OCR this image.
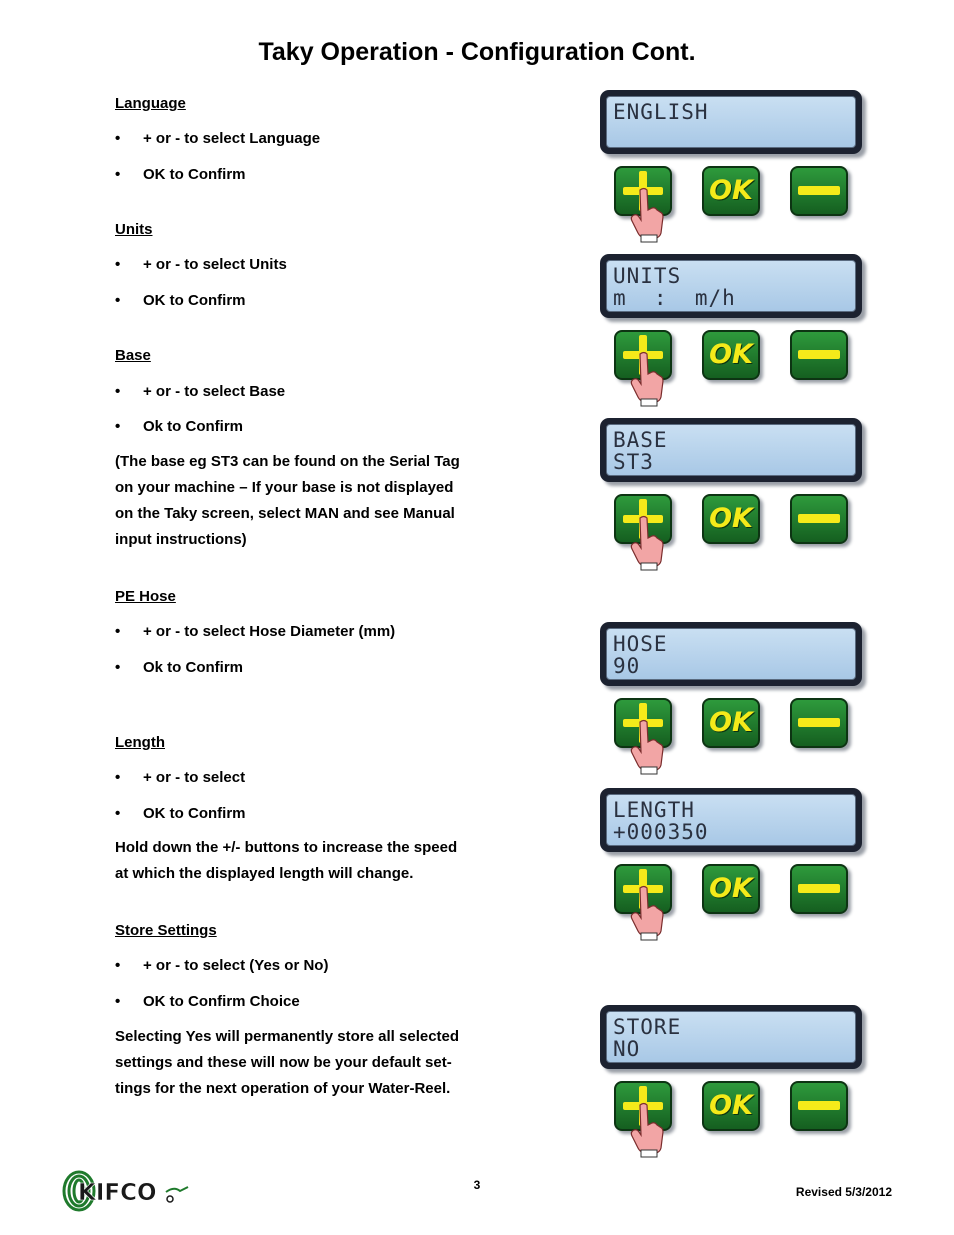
Taky Operation - Configuration Cont.

Language

• + or - to select Language
• OK to Confirm

Units

• + or - to select Units
• OK to Confirm

Base

• + or - to select Base
• Ok to Confirm
(The base eg ST3 can be found on the Serial Tag
on your machine – If your base is not displayed
on the Taky screen, select MAN and see Manual
input instructions)

PE Hose

• + or - to select Hose Diameter (mm)
• Ok to Confirm

Length

• + or - to select
• OK to Confirm
Hold down the +/- buttons to increase the speed
at which the displayed length will change.

Store Settings

• + or - to select (Yes or No)
• OK to Confirm Choice
Selecting Yes will permanently store all selected
settings and these will now be your default set-
tings for the next operation of your Water-Reel.
ENGLISH
OK
UNITS
m  :  m/h
OK
BASE
ST3
OK
HOSE
90
OK
LENGTH
+000350
OK
STORE
NO
OK
KIFCO	3	Revised 5/3/2012
